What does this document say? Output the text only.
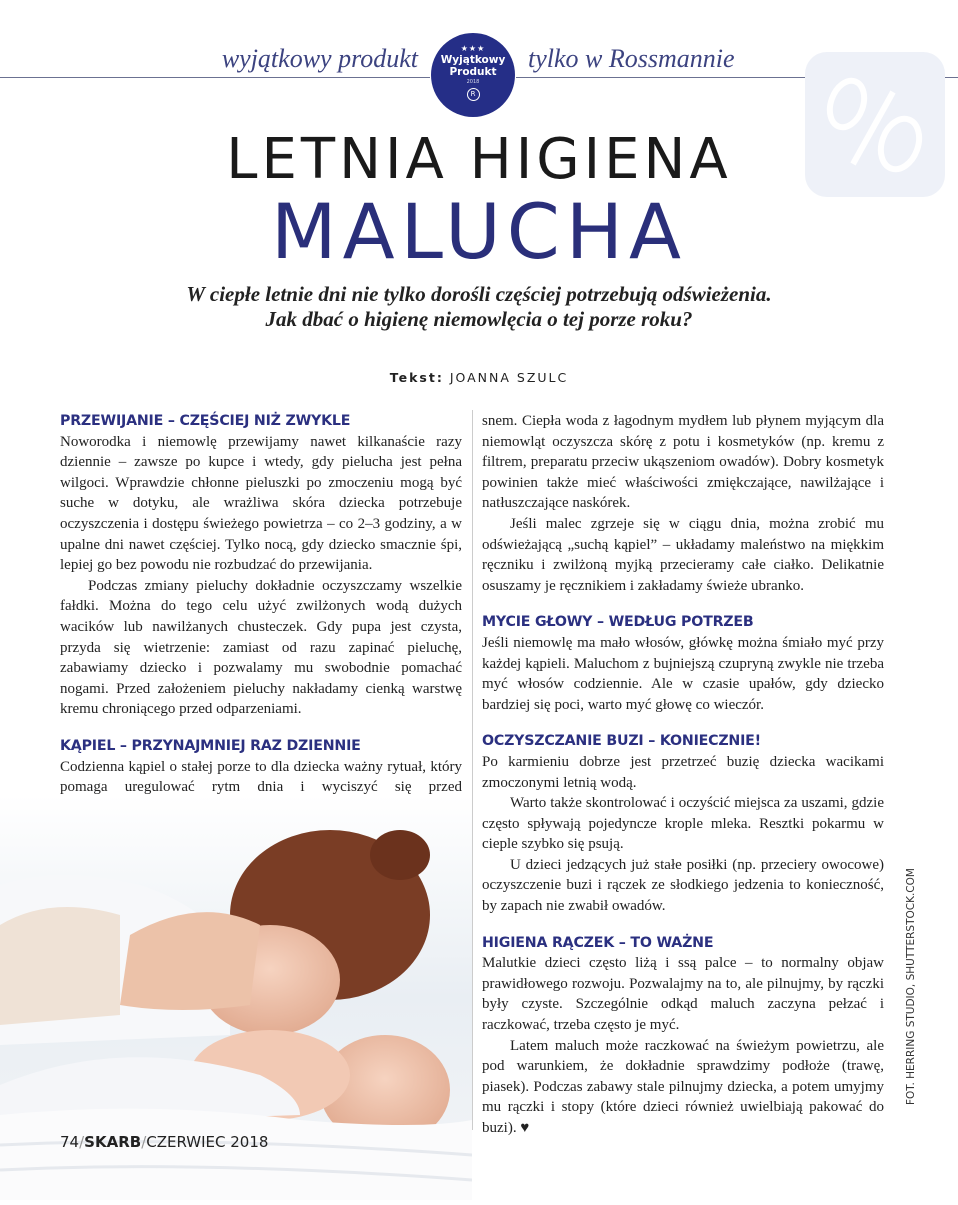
wyjątkowy produkt	tylko w Rossmannie
★★★
Wyjątkowy
Produkt
2018
R
LETNIA HIGIENA
MALUCHA
W ciepłe letnie dni nie tylko dorośli częściej potrzebują odświeżenia.
Jak dbać o higienę niemowlęcia o tej porze roku?
Tekst: JOANNA SZULC
PRZEWIJANIE – CZĘŚCIEJ NIŻ ZWYKLE

Noworodka i niemowlę przewijamy nawet kilkanaście razy dziennie – zawsze po kupce i wtedy, gdy pielucha jest pełna wilgoci. Wprawdzie chłonne pieluszki po zmoczeniu mogą być suche w dotyku, ale wrażliwa skóra dziecka potrzebuje oczyszczenia i dostępu świeżego powietrza – co 2–3 godziny, a w upalne dni nawet częściej. Tylko nocą, gdy dziecko smacznie śpi, lepiej go bez powodu nie rozbudzać do przewijania.

Podczas zmiany pieluchy dokładnie oczyszczamy wszelkie fałdki. Można do tego celu użyć zwilżonych wodą dużych wacików lub nawilżanych chusteczek. Gdy pupa jest czysta, przyda się wietrzenie: zamiast od razu zapinać pieluchę, zabawiamy dziecko i pozwalamy mu swobodnie pomachać nogami. Przed założeniem pieluchy nakładamy cienką warstwę kremu chroniącego przed odparzeniami.

KĄPIEL – PRZYNAJMNIEJ RAZ DZIENNIE

Codzienna kąpiel o stałej porze to dla dziecka ważny rytuał, który pomaga uregulować rytm dnia i wyciszyć się przed

snem. Ciepła woda z łagodnym mydłem lub płynem myjącym dla niemowląt oczyszcza skórę z potu i kosmetyków (np. kremu z filtrem, preparatu przeciw ukąszeniom owadów). Dobry kosmetyk powinien także mieć właściwości zmiękczające, nawilżające i natłuszczające naskórek.

Jeśli malec zgrzeje się w ciągu dnia, można zrobić mu odświeżającą „suchą kąpiel” – układamy maleństwo na miękkim ręczniku i zwilżoną myjką przecieramy całe ciałko. Delikatnie osuszamy je ręcznikiem i zakładamy świeże ubranko.

MYCIE GŁOWY – WEDŁUG POTRZEB

Jeśli niemowlę ma mało włosów, główkę można śmiało myć przy każdej kąpieli. Maluchom z bujniejszą czupryną zwykle nie trzeba myć włosów codziennie. Ale w czasie upałów, gdy dziecko bardziej się poci, warto myć głowę co wieczór.

OCZYSZCZANIE BUZI – KONIECZNIE!

Po karmieniu dobrze jest przetrzeć buzię dziecka wacikami zmoczonymi letnią wodą.

Warto także skontrolować i oczyścić miejsca za uszami, gdzie często spływają pojedyncze krople mleka. Resztki pokarmu w cieple szybko się psują.

U dzieci jedzących już stałe posiłki (np. przeciery owocowe) oczyszczenie buzi i rączek ze słodkiego jedzenia to konieczność, by zapach nie zwabił owadów.

HIGIENA RĄCZEK – TO WAŻNE

Malutkie dzieci często liżą i ssą palce – to normalny objaw prawidłowego rozwoju. Pozwalajmy na to, ale pilnujmy, by rączki były czyste. Szczególnie odkąd maluch zaczyna pełzać i raczkować, trzeba często je myć.

Latem maluch może raczkować na świeżym powietrzu, ale pod warunkiem, że dokładnie sprawdzimy podłoże (trawę, piasek). Podczas zabawy stale pilnujmy dziecka, a potem umyjmy mu rączki i stopy (które dzieci również uwielbiają pakować do buzi). ♥

FOT. HERRING STUDIO, SHUTTERSTOCK.COM
74/SKARB/CZERWIEC 2018
